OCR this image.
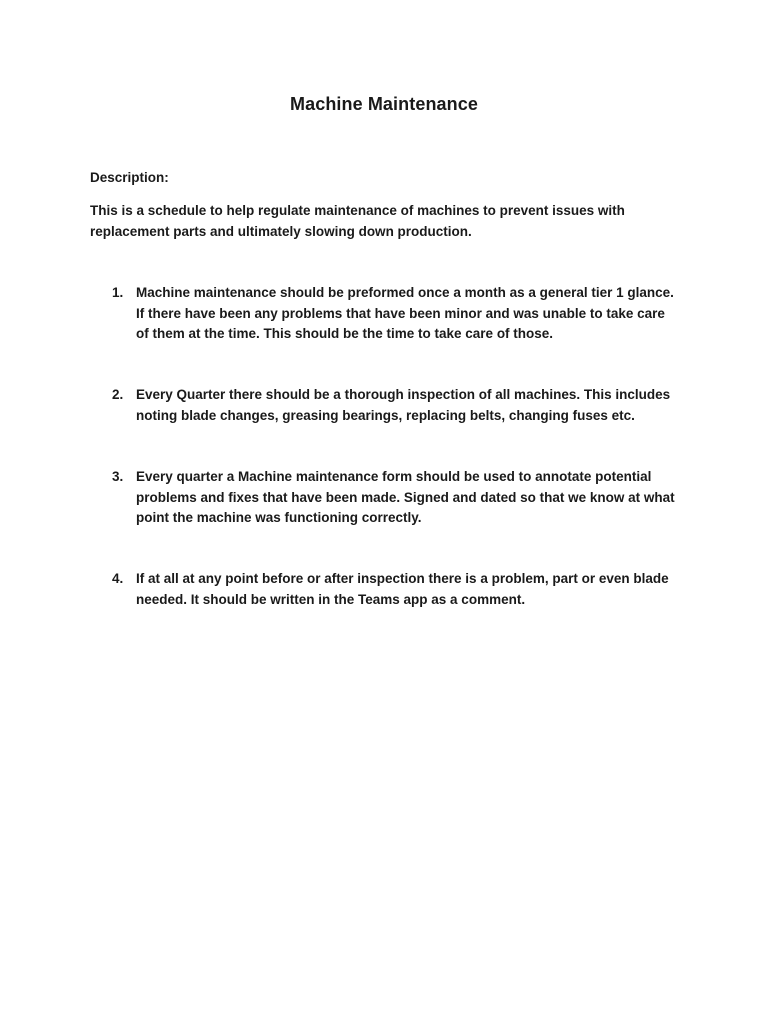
Machine Maintenance
Description:
This is a schedule to help regulate maintenance of machines to prevent issues with replacement parts and ultimately slowing down production.
1. Machine maintenance should be preformed once a month as a general tier 1 glance. If there have been any problems that have been minor and was unable to take care of them at the time. This should be the time to take care of those.
2. Every Quarter there should be a thorough inspection of all machines. This includes noting blade changes, greasing bearings, replacing belts, changing fuses etc.
3. Every quarter a Machine maintenance form should be used to annotate potential problems and fixes that have been made. Signed and dated so that we know at what point the machine was functioning correctly.
4. If at all at any point before or after inspection there is a problem, part or even blade needed. It should be written in the Teams app as a comment.
